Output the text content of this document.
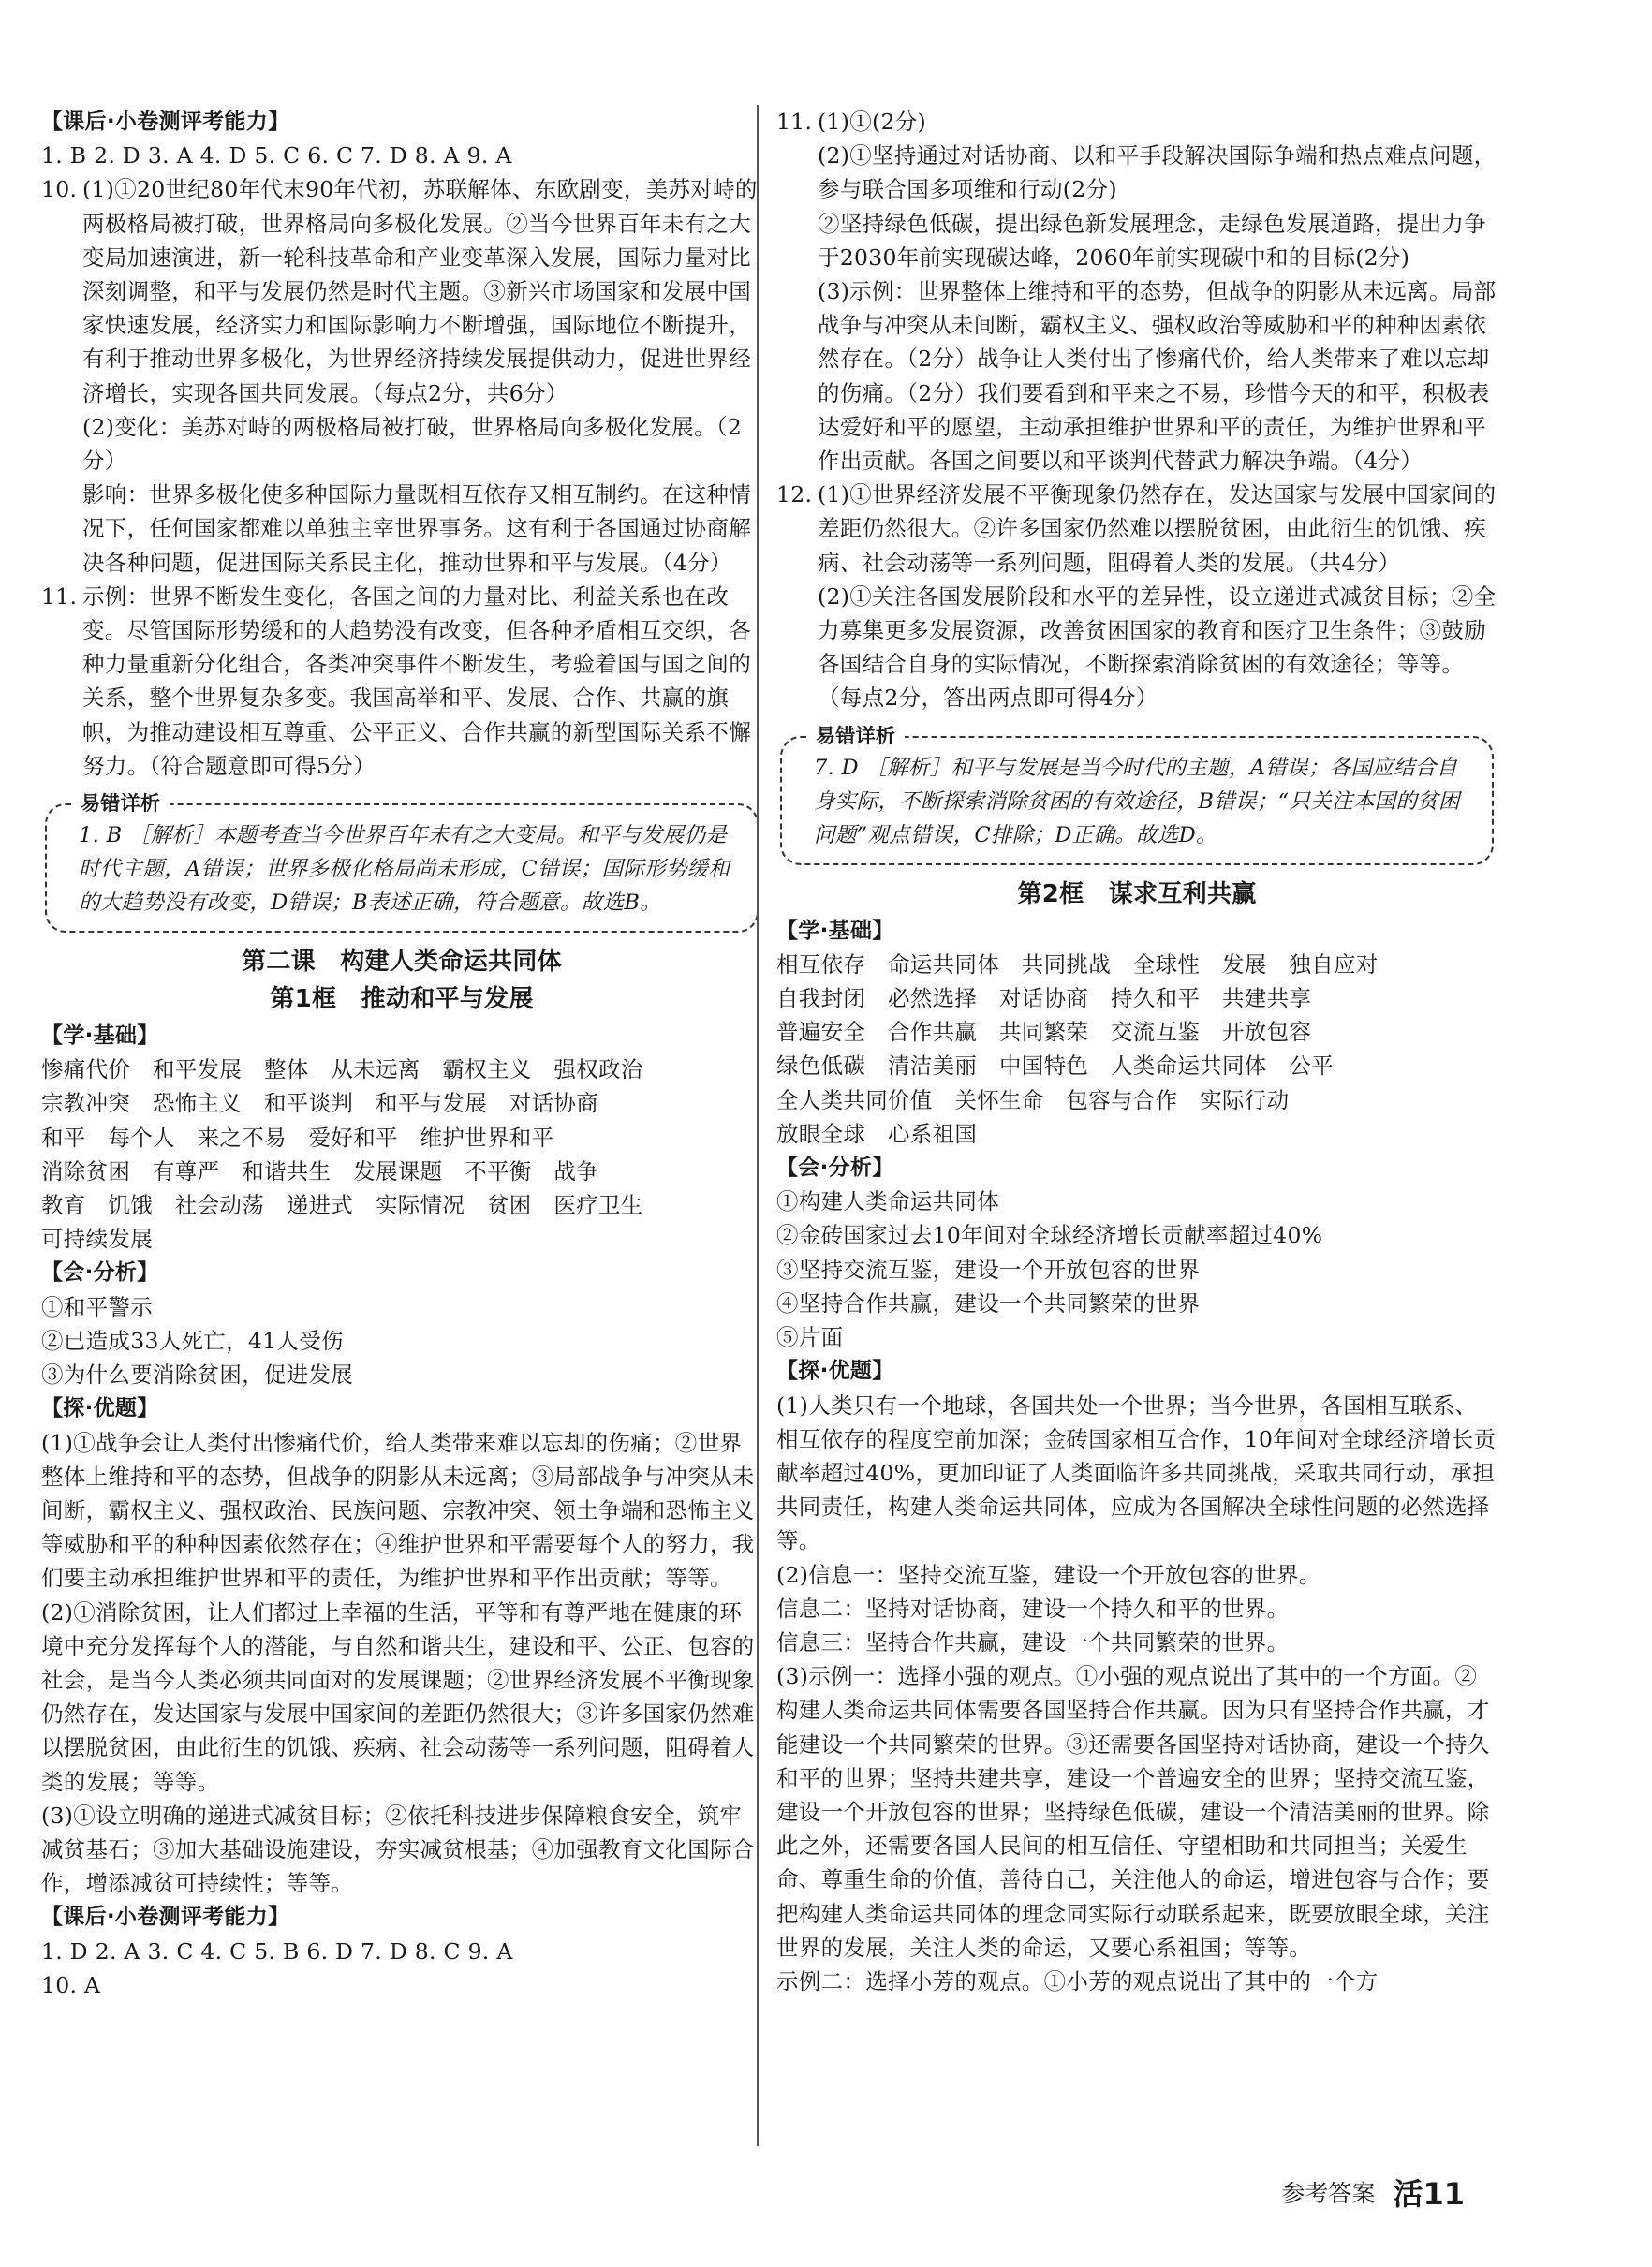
【课后·小卷测评考能力】

1. B 2. D 3. A 4. D 5. C 6. C 7. D 8. A 9. A

10. (1)①20世纪80年代末90年代初，苏联解体、东欧剧变，美苏对峙的两极格局被打破，世界格局向多极化发展。②当今世界百年未有之大变局加速演进，新一轮科技革命和产业变革深入发展，国际力量对比深刻调整，和平与发展仍然是时代主题。③新兴市场国家和发展中国家快速发展，经济实力和国际影响力不断增强，国际地位不断提升，有利于推动世界多极化，为世界经济持续发展提供动力，促进世界经济增长，实现各国共同发展。（每点2分，共6分）

(2)变化：美苏对峙的两极格局被打破，世界格局向多极化发展。（2分）

影响：世界多极化使多种国际力量既相互依存又相互制约。在这种情况下，任何国家都难以单独主宰世界事务。这有利于各国通过协商解决各种问题，促进国际关系民主化，推动世界和平与发展。（4分）

11. 示例：世界不断发生变化，各国之间的力量对比、利益关系也在改变。尽管国际形势缓和的大趋势没有改变，但各种矛盾相互交织，各种力量重新分化组合，各类冲突事件不断发生，考验着国与国之间的关系，整个世界复杂多变。我国高举和平、发展、合作、共赢的旗帜，为推动建设相互尊重、公平正义、合作共赢的新型国际关系不懈努力。（符合题意即可得5分）

易错详析

1. B ［解析］本题考查当今世界百年未有之大变局。和平与发展仍是时代主题，A错误；世界多极化格局尚未形成，C错误；国际形势缓和的大趋势没有改变，D错误；B表述正确，符合题意。故选B。

第二课　构建人类命运共同体

第1框　推动和平与发展

【学·基础】

惨痛代价　和平发展　整体　从未远离　霸权主义　强权政治

宗教冲突　恐怖主义　和平谈判　和平与发展　对话协商

和平　每个人　来之不易　爱好和平　维护世界和平

消除贫困　有尊严　和谐共生　发展课题　不平衡　战争

教育　饥饿　社会动荡　递进式　实际情况　贫困　医疗卫生

可持续发展

【会·分析】

①和平警示

②已造成33人死亡，41人受伤

③为什么要消除贫困，促进发展

【探·优题】

(1)①战争会让人类付出惨痛代价，给人类带来难以忘却的伤痛；②世界整体上维持和平的态势，但战争的阴影从未远离；③局部战争与冲突从未间断，霸权主义、强权政治、民族问题、宗教冲突、领土争端和恐怖主义等威胁和平的种种因素依然存在；④维护世界和平需要每个人的努力，我们要主动承担维护世界和平的责任，为维护世界和平作出贡献；等等。

(2)①消除贫困，让人们都过上幸福的生活，平等和有尊严地在健康的环境中充分发挥每个人的潜能，与自然和谐共生，建设和平、公正、包容的社会，是当今人类必须共同面对的发展课题；②世界经济发展不平衡现象仍然存在，发达国家与发展中国家间的差距仍然很大；③许多国家仍然难以摆脱贫困，由此衍生的饥饿、疾病、社会动荡等一系列问题，阻碍着人类的发展；等等。

(3)①设立明确的递进式减贫目标；②依托科技进步保障粮食安全，筑牢减贫基石；③加大基础设施建设，夯实减贫根基；④加强教育文化国际合作，增添减贫可持续性；等等。

【课后·小卷测评考能力】

1. D 2. A 3. C 4. C 5. B 6. D 7. D 8. C 9. A

10. A

11. (1)①(2分)

(2)①坚持通过对话协商、以和平手段解决国际争端和热点难点问题，参与联合国多项维和行动(2分)

②坚持绿色低碳，提出绿色新发展理念，走绿色发展道路，提出力争于2030年前实现碳达峰，2060年前实现碳中和的目标(2分)

(3)示例：世界整体上维持和平的态势，但战争的阴影从未远离。局部战争与冲突从未间断，霸权主义、强权政治等威胁和平的种种因素依然存在。（2分）战争让人类付出了惨痛代价，给人类带来了难以忘却的伤痛。（2分）我们要看到和平来之不易，珍惜今天的和平，积极表达爱好和平的愿望，主动承担维护世界和平的责任，为维护世界和平作出贡献。各国之间要以和平谈判代替武力解决争端。（4分）

12. (1)①世界经济发展不平衡现象仍然存在，发达国家与发展中国家间的差距仍然很大。②许多国家仍然难以摆脱贫困，由此衍生的饥饿、疾病、社会动荡等一系列问题，阻碍着人类的发展。（共4分）

(2)①关注各国发展阶段和水平的差异性，设立递进式减贫目标；②全力募集更多发展资源，改善贫困国家的教育和医疗卫生条件；③鼓励各国结合自身的实际情况，不断探索消除贫困的有效途径；等等。（每点2分，答出两点即可得4分）

易错详析

7. D ［解析］和平与发展是当今时代的主题，A错误；各国应结合自身实际，不断探索消除贫困的有效途径，B错误；“只关注本国的贫困问题”观点错误，C排除；D正确。故选D。

第2框　谋求互利共赢

【学·基础】

相互依存　命运共同体　共同挑战　全球性　发展　独自应对

自我封闭　必然选择　对话协商　持久和平　共建共享

普遍安全　合作共赢　共同繁荣　交流互鉴　开放包容

绿色低碳　清洁美丽　中国特色　人类命运共同体　公平

全人类共同价值　关怀生命　包容与合作　实际行动

放眼全球　心系祖国

【会·分析】

①构建人类命运共同体

②金砖国家过去10年间对全球经济增长贡献率超过40%

③坚持交流互鉴，建设一个开放包容的世界

④坚持合作共赢，建设一个共同繁荣的世界

⑤片面

【探·优题】

(1)人类只有一个地球，各国共处一个世界；当今世界，各国相互联系、相互依存的程度空前加深；金砖国家相互合作，10年间对全球经济增长贡献率超过40%，更加印证了人类面临许多共同挑战，采取共同行动，承担共同责任，构建人类命运共同体，应成为各国解决全球性问题的必然选择等。

(2)信息一：坚持交流互鉴，建设一个开放包容的世界。

信息二：坚持对话协商，建设一个持久和平的世界。

信息三：坚持合作共赢，建设一个共同繁荣的世界。

(3)示例一：选择小强的观点。①小强的观点说出了其中的一个方面。②构建人类命运共同体需要各国坚持合作共赢。因为只有坚持合作共赢，才能建设一个共同繁荣的世界。③还需要各国坚持对话协商，建设一个持久和平的世界；坚持共建共享，建设一个普遍安全的世界；坚持交流互鉴，建设一个开放包容的世界；坚持绿色低碳，建设一个清洁美丽的世界。除此之外，还需要各国人民间的相互信任、守望相助和共同担当；关爱生命、尊重生命的价值，善待自己，关注他人的命运，增进包容与合作；要把构建人类命运共同体的理念同实际行动联系起来，既要放眼全球，关注世界的发展，关注人类的命运，又要心系祖国；等等。

示例二：选择小芳的观点。①小芳的观点说出了其中的一个方

参考答案 活11
